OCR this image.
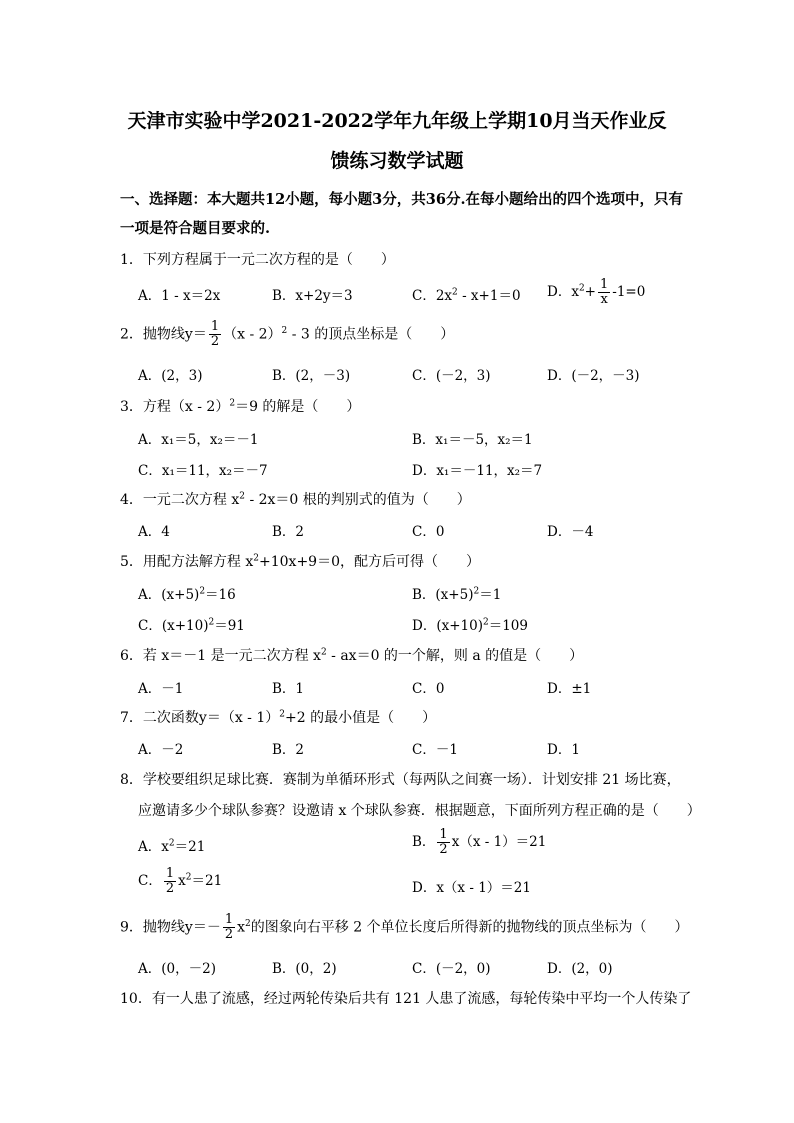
天津市实验中学2021-2022学年九年级上学期10月当天作业反
馈练习数学试题
一、选择题：本大题共12小题，每小题3分，共36分.在每小题给出的四个选项中，只有
一项是符合题目要求的.
1．下列方程属于一元二次方程的是（　　）
A．1 - x＝2x	B．x+2y＝3	C．$2x^2 - x+1=0$ D．$x^2+ \frac{1}{x} -1=0$
2．抛物线$y= \frac{1}{2} (x - 2)^2 - 3$ 的顶点坐标是（　　）
A．(2，3)	B．(2，－3)	C．(－2，3)	D．(－2，－3)
3．方程（x - 2）$^2$＝9 的解是（　　）
A．x₁＝5，x₂＝－1	B．x₁＝－5，x₂＝1
C．x₁＝11，x₂＝－7	D．x₁＝－11，x₂＝7
4．一元二次方程 $x^2 - 2x=0$ 根的判别式的值为（　　）
A．4	B．2	C．0	D．－4
5．用配方法解方程 $x^2+10x+9=0$，配方后可得（　　）
A．$(x+5)^2=16$	B．$(x+5)^2=1$
C．$(x+10)^2=91$	D．$(x+10)^2=109$
6．若 x＝－1 是一元二次方程 $x^2 - ax=0$ 的一个解，则 a 的值是（　　）
A．－1	B．1	C．0	D．±1
7．二次函数y＝（x - 1）$^2$+2 的最小值是（　　）
A．－2	B．2	C．－1	D．1
8．学校要组织足球比赛．赛制为单循环形式（每两队之间赛一场）．计划安排 21 场比赛，
应邀请多少个球队参赛？设邀请 x 个球队参赛．根据题意，下面所列方程正确的是（　　）
A．$x^2=21$	B． $\frac{1}{2} x(x - 1)=21$
C． $\frac{1}{2} x^2=21$	D．x（x - 1）＝21
9．抛物线$y=- \frac{1}{2} x^2$的图象向右平移 2 个单位长度后所得新的抛物线的顶点坐标为（　　）
A．(0，－2)	B．(0，2)	C．(－2，0)	D．(2，0)
10．有一人患了流感，经过两轮传染后共有 121 人患了流感，每轮传染中平均一个人传染了
